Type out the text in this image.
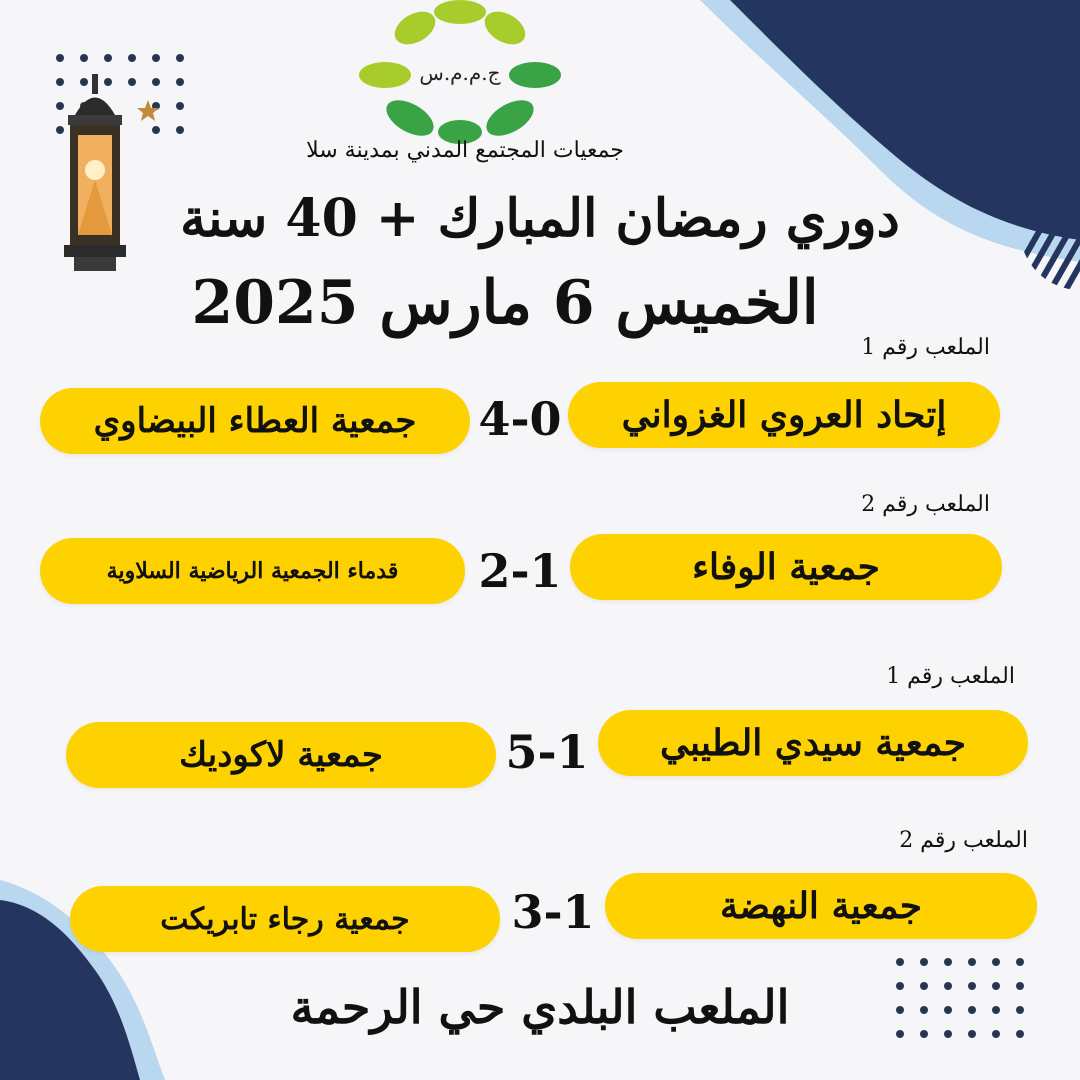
ج.م.م.س
جمعيات المجتمع المدني بمدينة سلا
دوري رمضان المبارك + 40 سنة
الخميس 6 مارس 2025
الملعب رقم 1
إتحاد العروي الغزواني
4-0
جمعية العطاء البيضاوي
الملعب رقم 2
جمعية الوفاء
2-1
قدماء الجمعية الرياضية السلاوية
الملعب رقم 1
جمعية سيدي الطيبي
5-1
جمعية لاكوديك
الملعب رقم 2
جمعية النهضة
3-1
جمعية رجاء تابريكت
الملعب البلدي حي الرحمة
